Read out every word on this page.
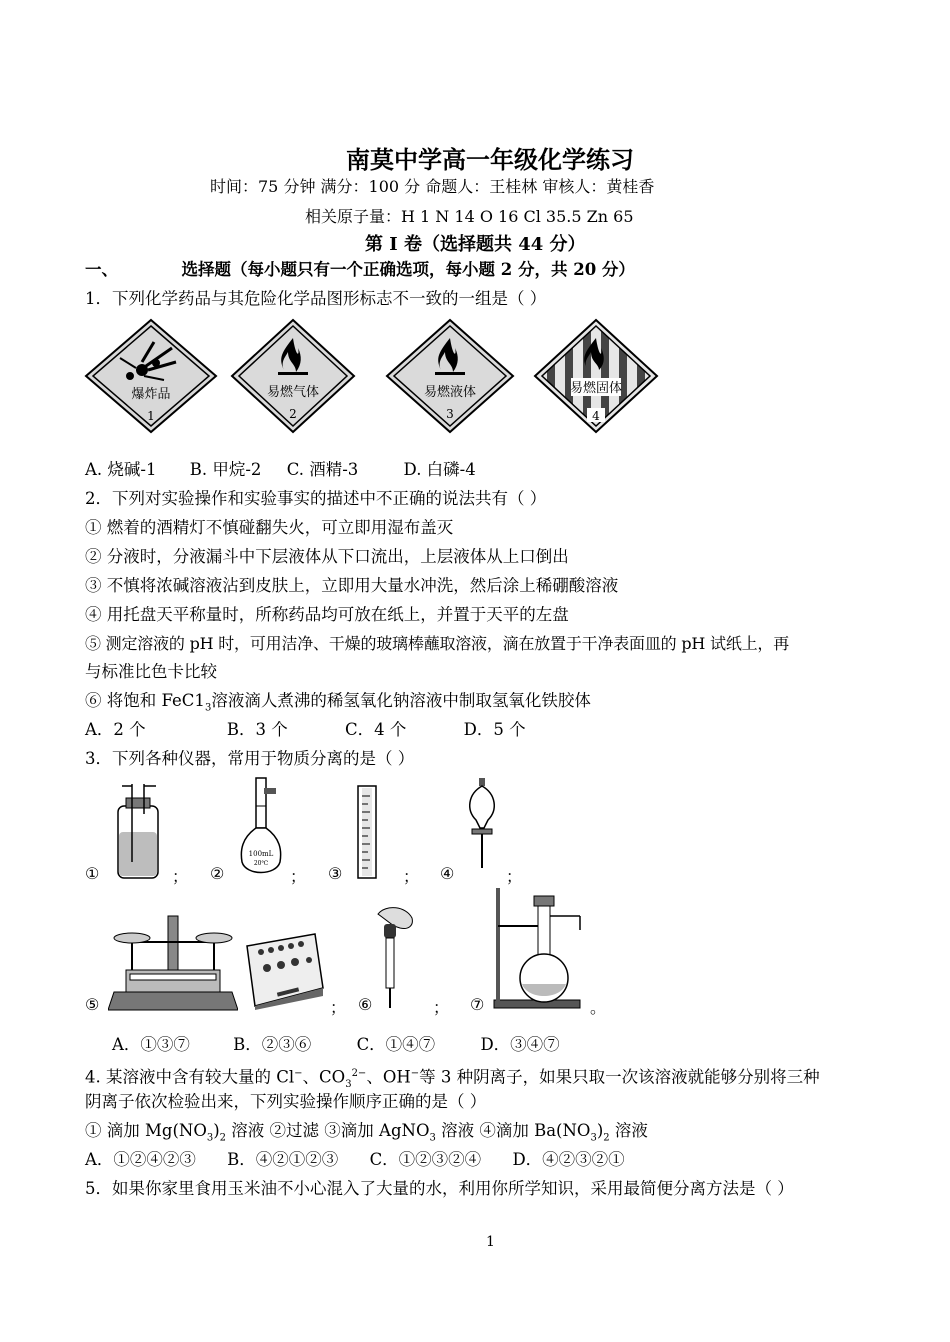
南莫中学高一年级化学练习
时间：75 分钟 满分：100 分 命题人：王桂林 审核人：黄桂香
相关原子量：H 1 N 14 O 16 Cl 35.5 Zn 65
第 I 卷（选择题共 44 分）
一、	选择题（每小题只有一个正确选项，每小题 2 分，共 20 分）
1．下列化学药品与其危险化学品图形标志不一致的一组是（ ）
爆炸品
1
易燃气体
2
易燃液体
3
易燃固体
4
A. 烧碱-1 B. 甲烷-2 C. 酒精-3	D. 白磷-4
2．下列对实验操作和实验事实的描述中不正确的说法共有（ ）
① 燃着的酒精灯不慎碰翻失火，可立即用湿布盖灭
② 分液时，分液漏斗中下层液体从下口流出，上层液体从上口倒出
③ 不慎将浓碱溶液沾到皮肤上，立即用大量水冲洗，然后涂上稀硼酸溶液
④ 用托盘天平称量时，所称药品均可放在纸上，并置于天平的左盘
⑤ 测定溶液的 pH 时，可用洁净、干燥的玻璃棒蘸取溶液，滴在放置于干净表面皿的 pH 试纸上，再
与标准比色卡比较
⑥ 将饱和 $FeC1_3$溶液滴人煮沸的稀氢氧化钠溶液中制取氢氧化铁胶体
A．2 个	B．3 个	C．4 个	D．5 个
3．下列各种仪器，常用于物质分离的是（ ）
①	； ②
100mL
20℃
； ③	； ④	；
⑤	； ⑥	； ⑦	。
A．①③⑦	B．②③⑥	C．①④⑦	D．③④⑦
4. 某溶液中含有较大量的 Cl−、$CO_3^{2-}$、OH−等 3 种阴离子，如果只取一次该溶液就能够分别将三种
阴离子依次检验出来，下列实验操作顺序正确的是（ ）
① 滴加 $Mg(NO_3)_2$ 溶液 ②过滤 ③滴加 AgNO$_3$ 溶液 ④滴加 $Ba(NO_3)_2$ 溶液
A．①②④②③ B．④②①②③ C．①②③②④ D．④②③②①
5．如果你家里食用玉米油不小心混入了大量的水，利用你所学知识，采用最简便分离方法是（ ）
1
